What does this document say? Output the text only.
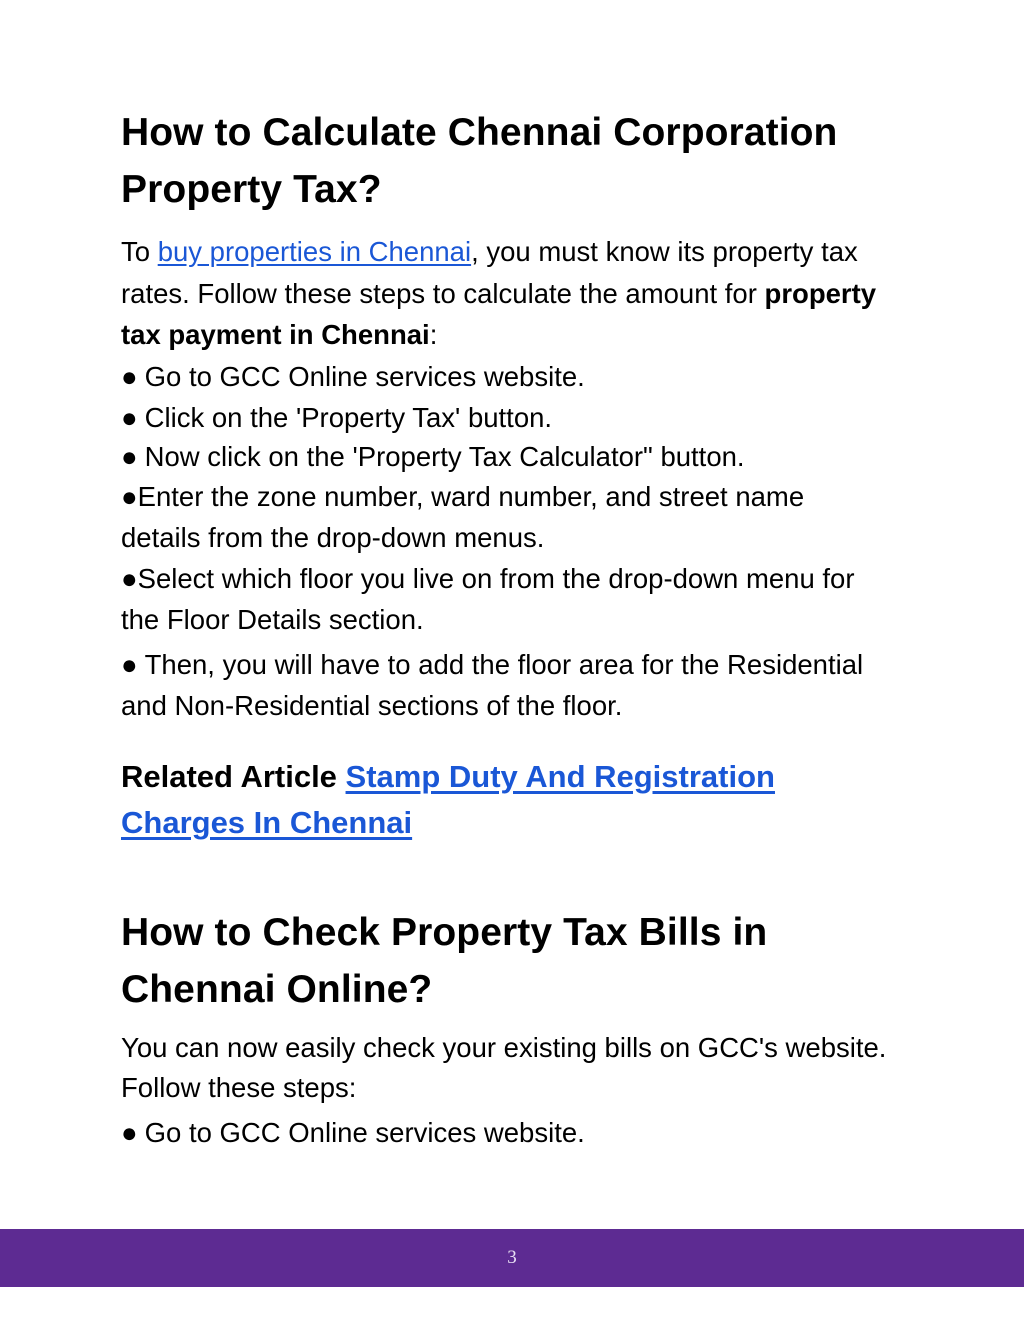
How to Calculate Chennai Corporation Property Tax?

To buy properties in Chennai, you must know its property tax rates. Follow these steps to calculate the amount for property tax payment in Chennai:

● Go to GCC Online services website.
● Click on the 'Property Tax' button.
● Now click on the 'Property Tax Calculator" button.
●Enter the zone number, ward number, and street name details from the drop-down menus.
●Select which floor you live on from the drop-down menu for the Floor Details section.
● Then, you will have to add the floor area for the Residential and Non-Residential sections of the floor.

Related Article Stamp Duty And Registration Charges In Chennai

How to Check Property Tax Bills in Chennai Online?

You can now easily check your existing bills on GCC's website. Follow these steps:

● Go to GCC Online services website.
3
